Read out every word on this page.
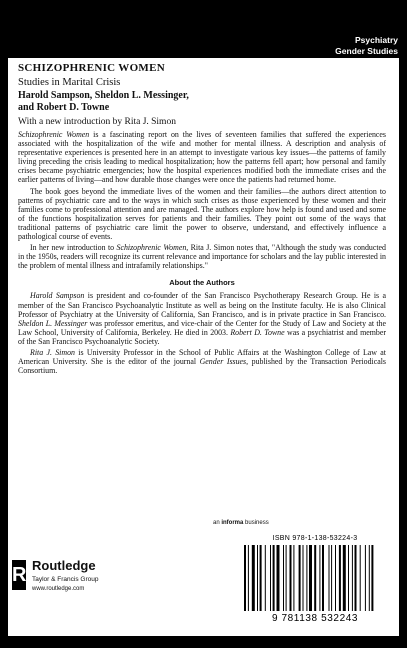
Psychiatry
Gender Studies
SCHIZOPHRENIC WOMEN
Studies in Marital Crisis
Harold Sampson, Sheldon L. Messinger,
and Robert D. Towne
With a new introduction by Rita J. Simon

Schizophrenic Women is a fascinating report on the lives of seventeen families that suffered the experiences associated with the hospitalization of the wife and mother for mental illness. A description and analysis of representative experiences is presented here in an attempt to investigate various key issues—the patterns of family living preceding the crisis leading to medical hospitalization; how the patterns fell apart; how personal and family crises became psychiatric emergencies; how the hospital experiences modified both the immediate crises and the earlier patterns of living—and how durable those changes were once the patients had returned home.

The book goes beyond the immediate lives of the women and their families—the authors direct attention to patterns of psychiatric care and to the ways in which such crises as those experienced by these women and their families come to professional attention and are managed. The authors explore how help is found and used and some of the functions hospitalization serves for patients and their families. They point out some of the ways that traditional patterns of psychiatric care limit the power to observe, understand, and effectively influence a pathological course of events.

In her new introduction to Schizophrenic Women, Rita J. Simon notes that, "Although the study was conducted in the 1950s, readers will recognize its current relevance and importance for scholars and the lay public interested in the problem of mental illness and intrafamily relationships."

About the Authors

Harold Sampson is president and co-founder of the San Francisco Psychotherapy Research Group. He is a member of the San Francisco Psychoanalytic Institute as well as being on the Institute faculty. He is also Clinical Professor of Psychiatry at the University of California, San Francisco, and is in private practice in San Francisco. Sheldon L. Messinger was professor emeritus, and vice-chair of the Center for the Study of Law and Society at the Law School, University of California, Berkeley. He died in 2003. Robert D. Towne was a psychiatrist and member of the San Francisco Psychoanalytic Society.

Rita J. Simon is University Professor in the School of Public Affairs at the Washington College of Law at American University. She is the editor of the journal Gender Issues, published by the Transaction Periodicals Consortium.

an informa business
R Routledge
Taylor & Francis Group
www.routledge.com
ISBN 978-1-138-53224-3
9 781138 532243
